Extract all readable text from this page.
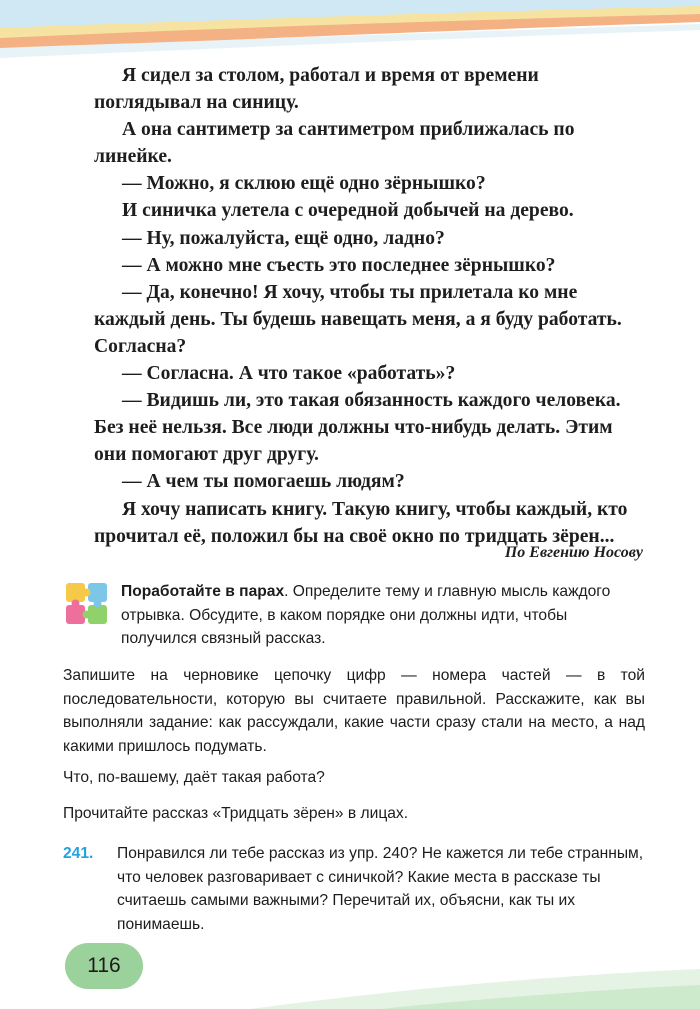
Я сидел за столом, работал и время от времени поглядывал на синицу.

А она сантиметр за сантиметром приближалась по линейке.

— Можно, я склюю ещё одно зёрнышко?

И синичка улетела с очередной добычей на дерево.

— Ну, пожалуйста, ещё одно, ладно?

— А можно мне съесть это последнее зёрнышко?

— Да, конечно! Я хочу, чтобы ты прилетала ко мне каждый день. Ты будешь навещать меня, а я буду работать. Согласна?

— Согласна. А что такое «работать»?

— Видишь ли, это такая обязанность каждого человека. Без неё нельзя. Все люди должны что-нибудь делать. Этим они помогают друг другу.

— А чем ты помогаешь людям?

Я хочу написать книгу. Такую книгу, чтобы каждый, кто прочитал её, положил бы на своё окно по тридцать зёрен...

По Евгению Носову
Поработайте в парах. Определите тему и главную мысль каждого отрывка. Обсудите, в каком порядке они должны идти, чтобы получился связный рассказ.

Запишите на черновике цепочку цифр — номера частей — в той последовательности, которую вы считаете правильной. Расскажите, как вы выполняли задание: как рассуждали, какие части сразу стали на место, а над какими пришлось подумать.

Что, по-вашему, даёт такая работа?

Прочитайте рассказ «Тридцать зёрен» в лицах.

241. Понравился ли тебе рассказ из упр. 240? Не кажется ли тебе странным, что человек разговаривает с синичкой? Какие места в рассказе ты считаешь самыми важными? Перечитай их, объясни, как ты их понимаешь.
116
